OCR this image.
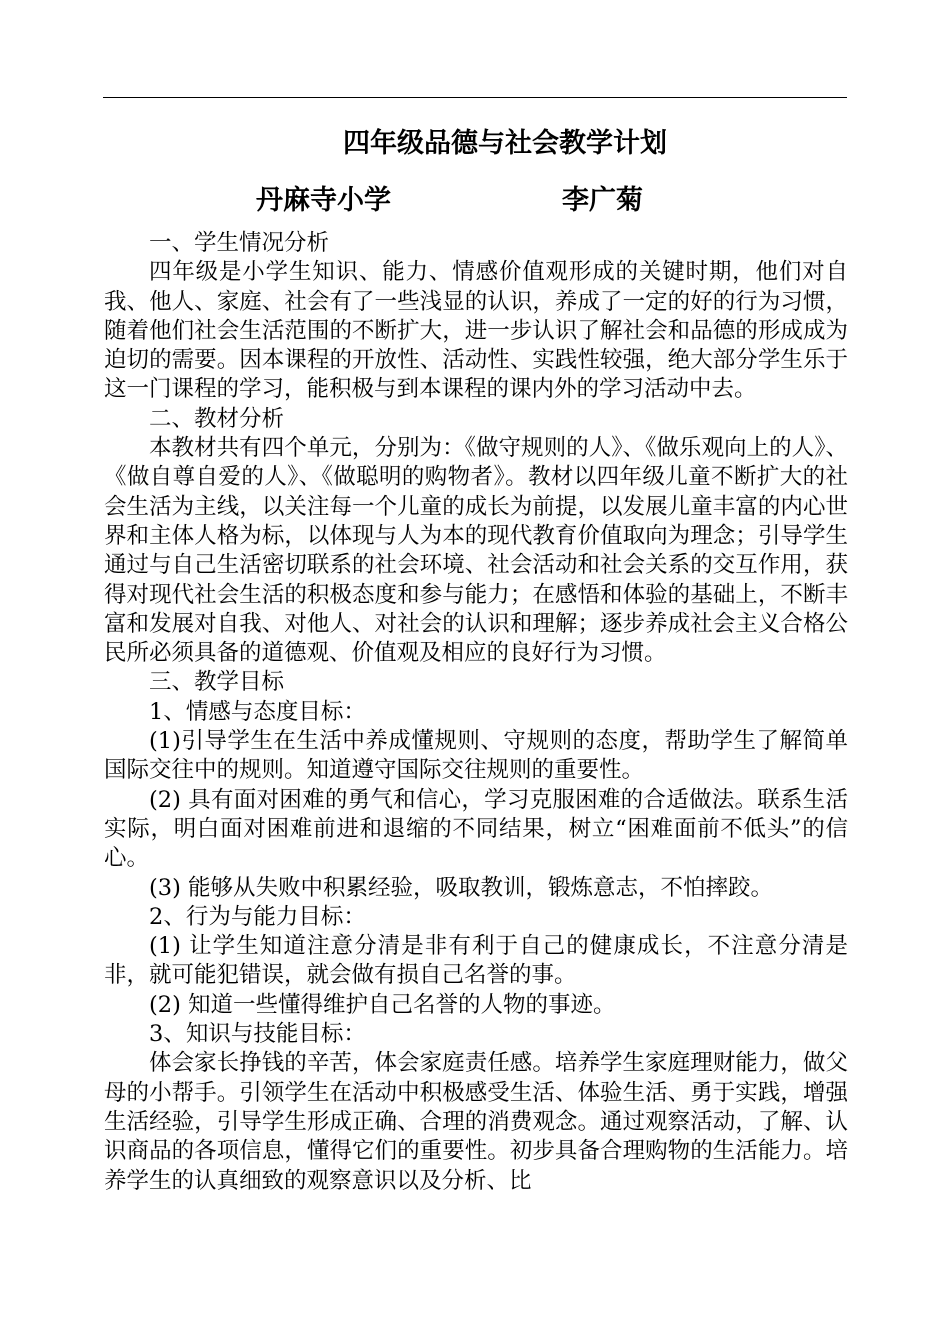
四年级品德与社会教学计划
丹麻寺小学	李广菊

一、学生情况分析

四年级是小学生知识、能力、情感价值观形成的关键时期，他们对自我、他人、家庭、社会有了一些浅显的认识，养成了一定的好的行为习惯，随着他们社会生活范围的不断扩大，进一步认识了解社会和品德的形成成为迫切的需要。因本课程的开放性、活动性、实践性较强，绝大部分学生乐于这一门课程的学习，能积极与到本课程的课内外的学习活动中去。

二、教材分析

本教材共有四个单元，分别为：《做守规则的人》、《做乐观向上的人》、《做自尊自爱的人》、《做聪明的购物者》。教材以四年级儿童不断扩大的社会生活为主线，以关注每一个儿童的成长为前提，以发展儿童丰富的内心世界和主体人格为标，以体现与人为本的现代教育价值取向为理念；引导学生通过与自己生活密切联系的社会环境、社会活动和社会关系的交互作用，获得对现代社会生活的积极态度和参与能力；在感悟和体验的基础上，不断丰富和发展对自我、对他人、对社会的认识和理解；逐步养成社会主义合格公民所必须具备的道德观、价值观及相应的良好行为习惯。

三、教学目标

1、情感与态度目标：

(1)引导学生在生活中养成懂规则、守规则的态度，帮助学生了解简单国际交往中的规则。知道遵守国际交往规则的重要性。

(2) 具有面对困难的勇气和信心，学习克服困难的合适做法。联系生活实际，明白面对困难前进和退缩的不同结果，树立“困难面前不低头”的信心。

(3) 能够从失败中积累经验，吸取教训，锻炼意志，不怕摔跤。

2、行为与能力目标：

(1) 让学生知道注意分清是非有利于自己的健康成长，不注意分清是非，就可能犯错误，就会做有损自己名誉的事。

(2) 知道一些懂得维护自己名誉的人物的事迹。

3、知识与技能目标：

体会家长挣钱的辛苦，体会家庭责任感。培养学生家庭理财能力，做父母的小帮手。引领学生在活动中积极感受生活、体验生活、勇于实践，增强生活经验，引导学生形成正确、合理的消费观念。通过观察活动，了解、认识商品的各项信息，懂得它们的重要性。初步具备合理购物的生活能力。培养学生的认真细致的观察意识以及分析、比
